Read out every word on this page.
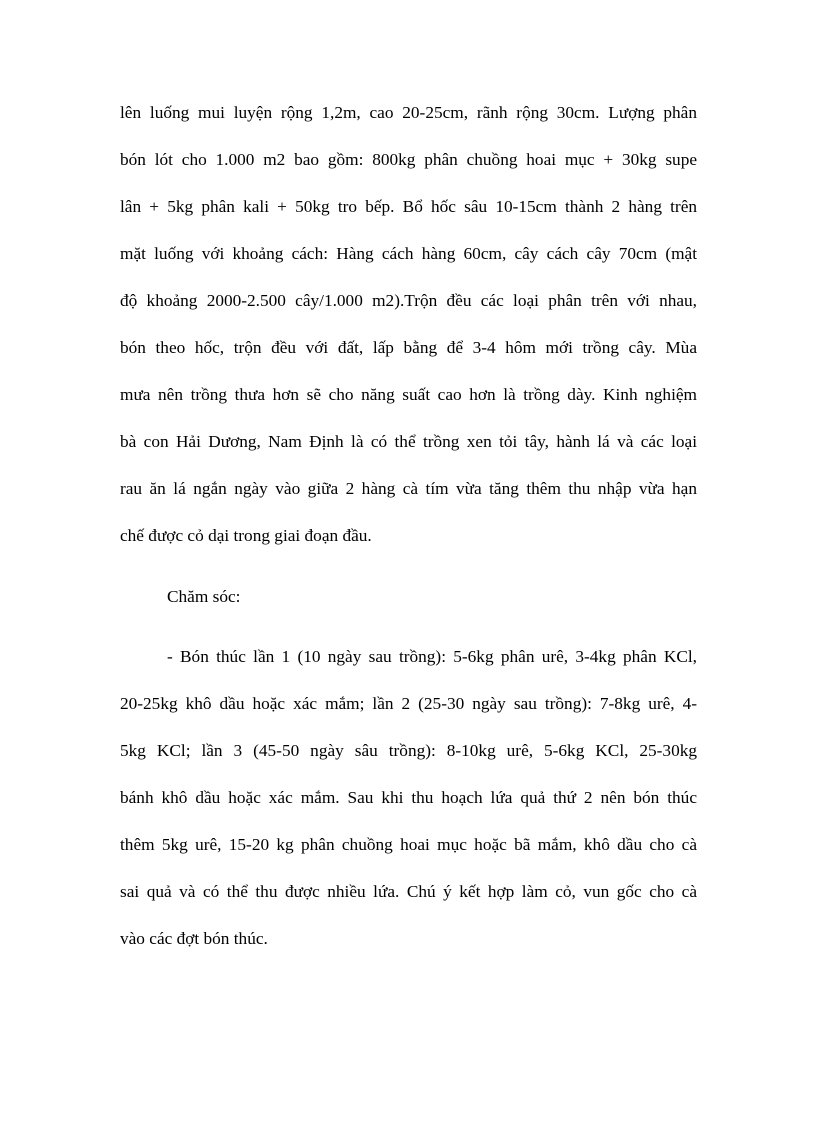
lên luống mui luyện rộng 1,2m, cao 20-25cm, rãnh rộng 30cm. Lượng phân
bón lót cho 1.000 m2 bao gồm: 800kg phân chuồng hoai mục + 30kg supe
lân + 5kg phân kali + 50kg tro bếp. Bổ hốc sâu 10-15cm thành 2 hàng trên
mặt luống với khoảng cách: Hàng cách hàng 60cm, cây cách cây 70cm (mật
độ khoảng 2000-2.500 cây/1.000 m2).Trộn đều các loại phân trên với nhau,
bón theo hốc, trộn đều với đất, lấp bằng để 3-4 hôm mới trồng cây. Mùa
mưa nên trồng thưa hơn sẽ cho năng suất cao hơn là trồng dày. Kinh nghiệm
bà con Hải Dương, Nam Định là có thể trồng xen tỏi tây, hành lá và các loại
rau ăn lá ngắn ngày vào giữa 2 hàng cà tím vừa tăng thêm thu nhập vừa hạn
chế được cỏ dại trong giai đoạn đầu.
Chăm sóc:
- Bón thúc lần 1 (10 ngày sau trồng): 5-6kg phân urê, 3-4kg phân KCl,
20-25kg khô dầu hoặc xác mắm; lần 2 (25-30 ngày sau trồng): 7-8kg urê, 4-
5kg KCl; lần 3 (45-50 ngày sâu trồng): 8-10kg urê, 5-6kg KCl, 25-30kg
bánh khô dầu hoặc xác mắm. Sau khi thu hoạch lứa quả thứ 2 nên bón thúc
thêm 5kg urê, 15-20 kg phân chuồng hoai mục hoặc bã mắm, khô dầu cho cà
sai quả và có thể thu được nhiều lứa. Chú ý kết hợp làm cỏ, vun gốc cho cà
vào các đợt bón thúc.
